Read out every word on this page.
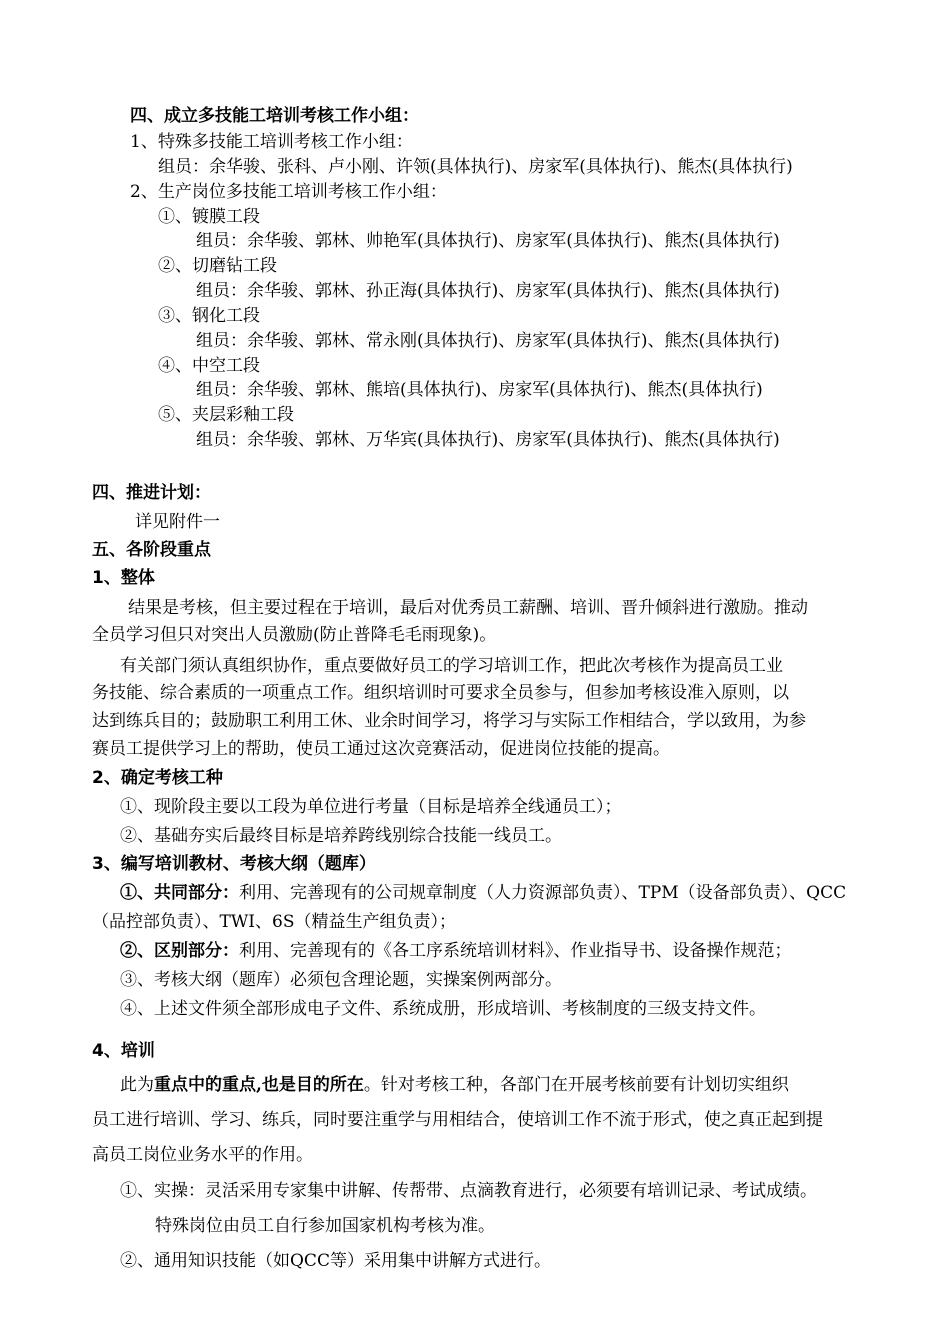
四、成立多技能工培训考核工作小组：
1、特殊多技能工培训考核工作小组：
组员：余华骏、张科、卢小刚、许领(具体执行)、房家军(具体执行)、熊杰(具体执行)
2、生产岗位多技能工培训考核工作小组：
①、镀膜工段
组员：余华骏、郭林、帅艳军(具体执行)、房家军(具体执行)、熊杰(具体执行)
②、切磨钻工段
组员：余华骏、郭林、孙正海(具体执行)、房家军(具体执行)、熊杰(具体执行)
③、钢化工段
组员：余华骏、郭林、常永刚(具体执行)、房家军(具体执行)、熊杰(具体执行)
④、中空工段
组员：余华骏、郭林、熊培(具体执行)、房家军(具体执行)、熊杰(具体执行)
⑤、夹层彩釉工段
组员：余华骏、郭林、万华宾(具体执行)、房家军(具体执行)、熊杰(具体执行)
四、推进计划：
详见附件一
五、各阶段重点
1、整体
结果是考核，但主要过程在于培训，最后对优秀员工薪酬、培训、晋升倾斜进行激励。推动
全员学习但只对突出人员激励(防止普降毛毛雨现象)。
有关部门须认真组织协作，重点要做好员工的学习培训工作，把此次考核作为提高员工业
务技能、综合素质的一项重点工作。组织培训时可要求全员参与，但参加考核设准入原则，以
达到练兵目的；鼓励职工利用工休、业余时间学习，将学习与实际工作相结合，学以致用，为参
赛员工提供学习上的帮助，使员工通过这次竞赛活动，促进岗位技能的提高。
2、确定考核工种
①、现阶段主要以工段为单位进行考量（目标是培养全线通员工）；
②、基础夯实后最终目标是培养跨线别综合技能一线员工。
3、编写培训教材、考核大纲（题库）
①、共同部分：利用、完善现有的公司规章制度（人力资源部负责）、TPM（设备部负责）、QCC
（品控部负责）、TWI、6S（精益生产组负责）；
②、区别部分：利用、完善现有的《各工序系统培训材料》、作业指导书、设备操作规范；
③、考核大纲（题库）必须包含理论题，实操案例两部分。
④、上述文件须全部形成电子文件、系统成册，形成培训、考核制度的三级支持文件。
4、培训
此为重点中的重点,也是目的所在。针对考核工种，各部门在开展考核前要有计划切实组织
员工进行培训、学习、练兵，同时要注重学与用相结合，使培训工作不流于形式，使之真正起到提
高员工岗位业务水平的作用。
①、实操：灵活采用专家集中讲解、传帮带、点滴教育进行，必须要有培训记录、考试成绩。
特殊岗位由员工自行参加国家机构考核为准。
②、通用知识技能（如QCC等）采用集中讲解方式进行。
